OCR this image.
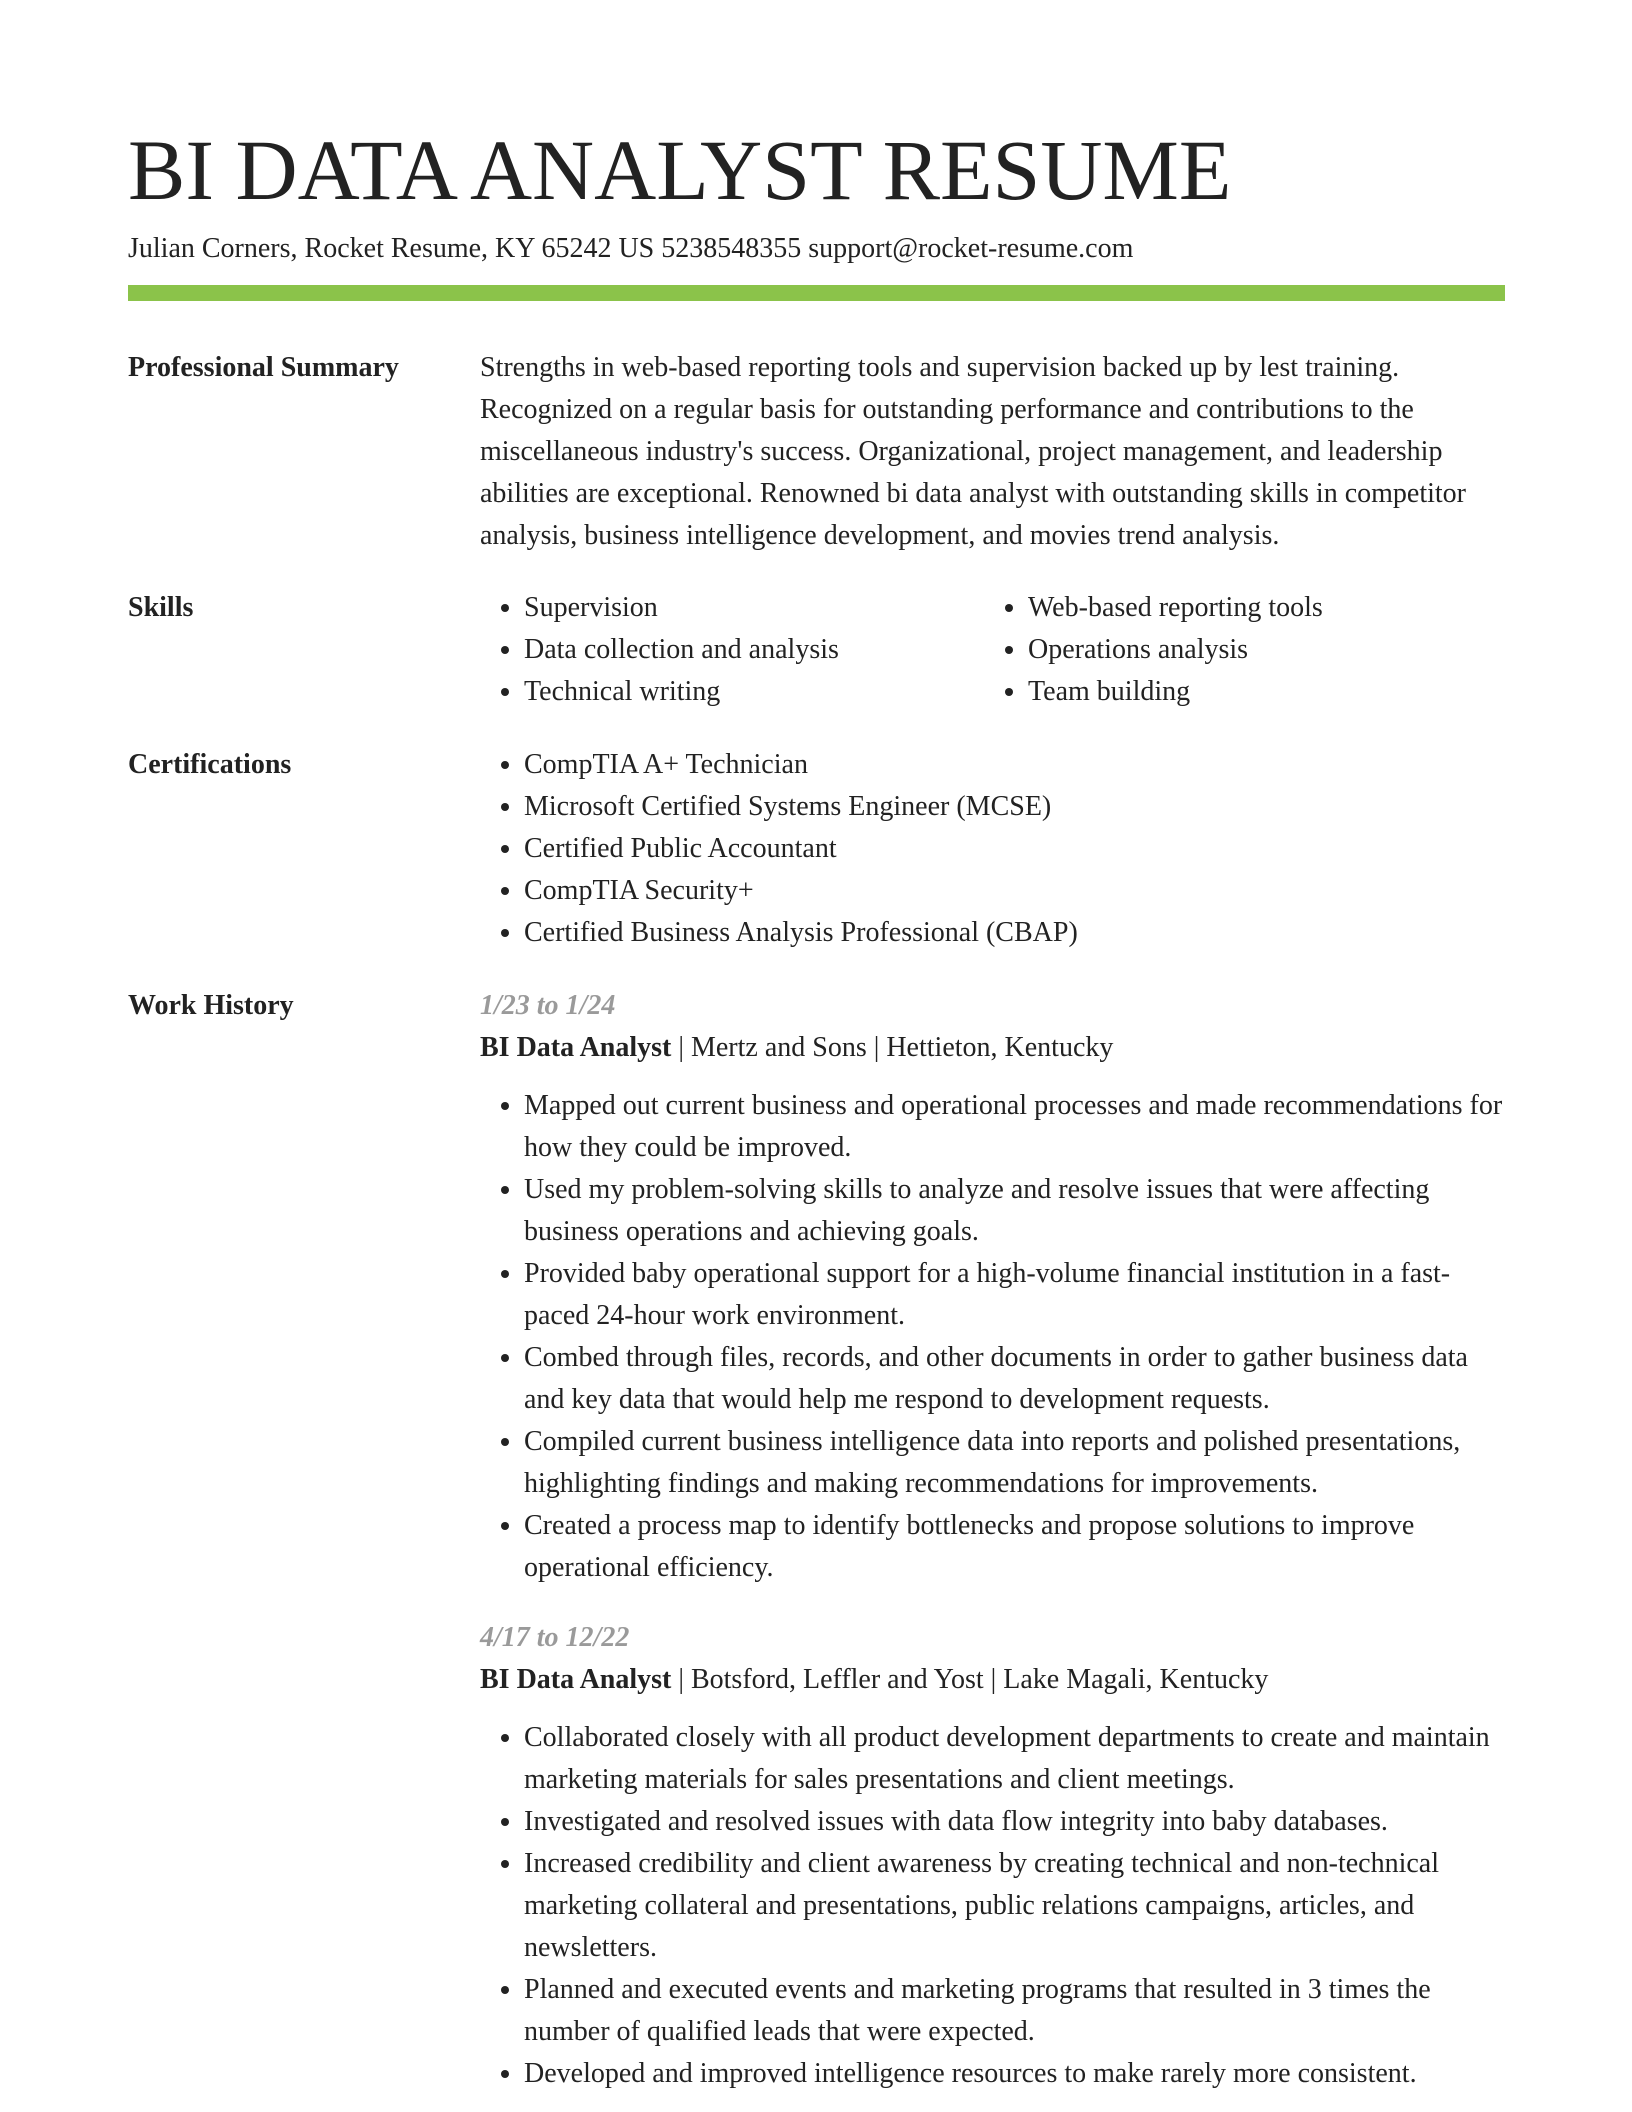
BI DATA ANALYST RESUME
Julian Corners, Rocket Resume, KY 65242 US 5238548355 support@rocket-resume.com
Professional Summary	Strengths in web-based reporting tools and supervision backed up by lest training. Recognized on a regular basis for outstanding performance and contributions to the miscellaneous industry's success. Organizational, project management, and leadership abilities are exceptional. Renowned bi data analyst with outstanding skills in competitor analysis, business intelligence development, and movies trend analysis.

Skills	• Supervision
• Data collection and analysis
• Technical writing
• Web-based reporting tools
• Operations analysis
• Team building
Certifications	• CompTIA A+ Technician
• Microsoft Certified Systems Engineer (MCSE)
• Certified Public Accountant
• CompTIA Security+
• Certified Business Analysis Professional (CBAP)
Work History	1/23 to 1/24
BI Data Analyst | Mertz and Sons | Hettieton, Kentucky
• Mapped out current business and operational processes and made recommendations for how they could be improved.
• Used my problem-solving skills to analyze and resolve issues that were affecting business operations and achieving goals.
• Provided baby operational support for a high-volume financial institution in a fast-paced 24-hour work environment.
• Combed through files, records, and other documents in order to gather business data and key data that would help me respond to development requests.
• Compiled current business intelligence data into reports and polished presentations, highlighting findings and making recommendations for improvements.
• Created a process map to identify bottlenecks and propose solutions to improve operational efficiency.
4/17 to 12/22
BI Data Analyst | Botsford, Leffler and Yost | Lake Magali, Kentucky
• Collaborated closely with all product development departments to create and maintain marketing materials for sales presentations and client meetings.
• Investigated and resolved issues with data flow integrity into baby databases.
• Increased credibility and client awareness by creating technical and non-technical marketing collateral and presentations, public relations campaigns, articles, and newsletters.
• Planned and executed events and marketing programs that resulted in 3 times the number of qualified leads that were expected.
• Developed and improved intelligence resources to make rarely more consistent.
